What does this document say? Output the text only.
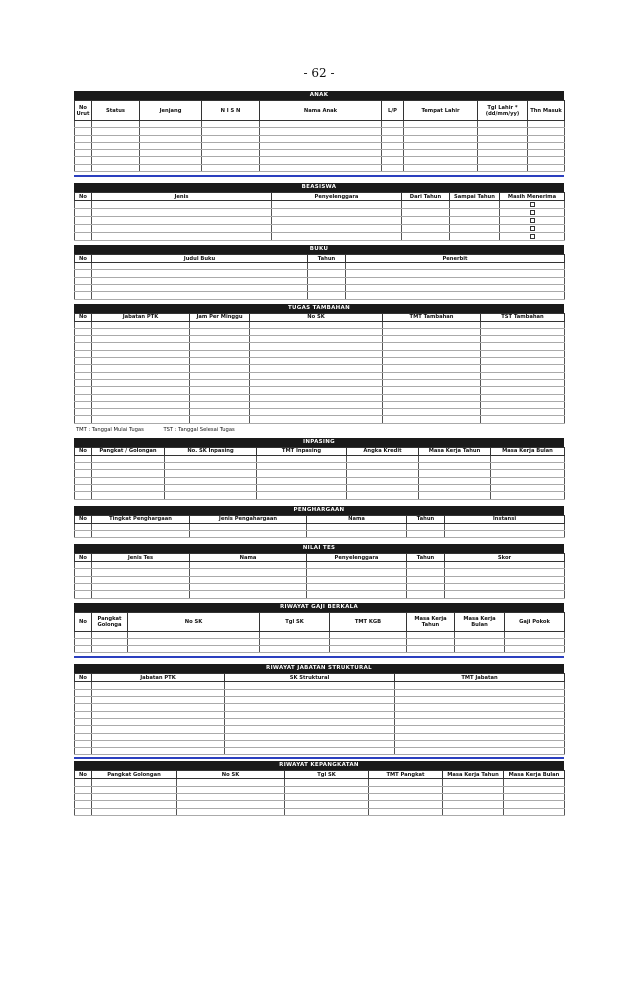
- 62 -
ANAK
No Urut	Status	Jenjang	N I S N	Nama Anak	L/P	Tempat Lahir	Tgl Lahir *(dd/mm/yy)	Thn Masuk

BEASISWA
No	Jenis	Penyelenggara	Dari Tahun	Sampai Tahun	Masih Menerima

BUKU
No	Judul Buku	Tahun	Penerbit

TUGAS TAMBAHAN
No	Jabatan PTK	Jam Per Minggu	No SK	TMT Tambahan	TST Tambahan

TMT : Tanggal Mulai Tugas	TST : Tanggal Selesai Tugas
INPASING
No	Pangkat / Golongan	No. SK Inpasing	TMT Inpasing	Angka Kredit	Masa Kerja Tahun	Masa Kerja Bulan

PENGHARGAAN
No	Tingkat Penghargaan	Jenis Pengahargaan	Nama	Tahun	Instansi

NILAI TES
No	Jenis Tes	Nama	Penyelenggara	Tahun	Skor

RIWAYAT GAJI BERKALA
No	Pangkat Golonga	No SK	Tgl SK	TMT KGB	Masa Kerja Tahun	Masa Kerja Bulan	Gaji Pokok

RIWAYAT JABATAN STRUKTURAL
No	Jabatan PTK	SK Struktural	TMT Jabatan

RIWAYAT KEPANGKATAN
No	Pangkat Golongan	No SK	Tgl SK	TMT Pangkat	Masa Kerja Tahun	Masa Kerja Bulan
